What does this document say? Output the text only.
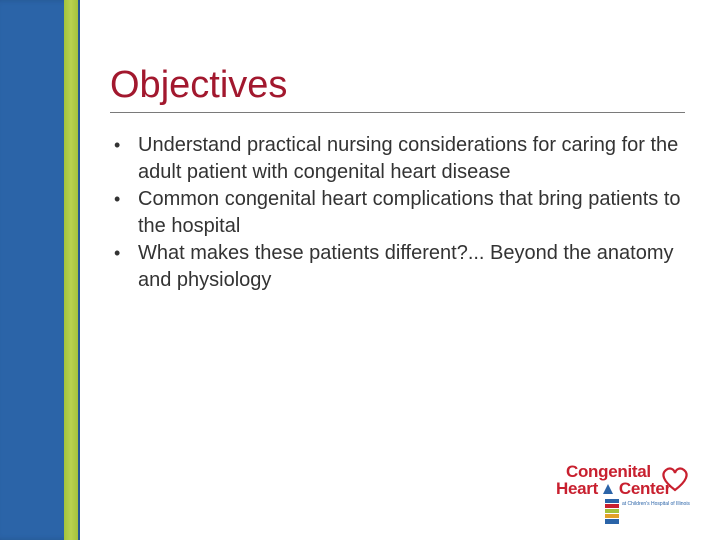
Objectives
• Understand practical nursing considerations for caring for the adult patient with congenital heart disease
• Common congenital heart complications that bring patients to the hospital
• What makes these patients different?... Beyond the anatomy and physiology
Congenital
Heart Center
at Children's Hospital of Illinois
